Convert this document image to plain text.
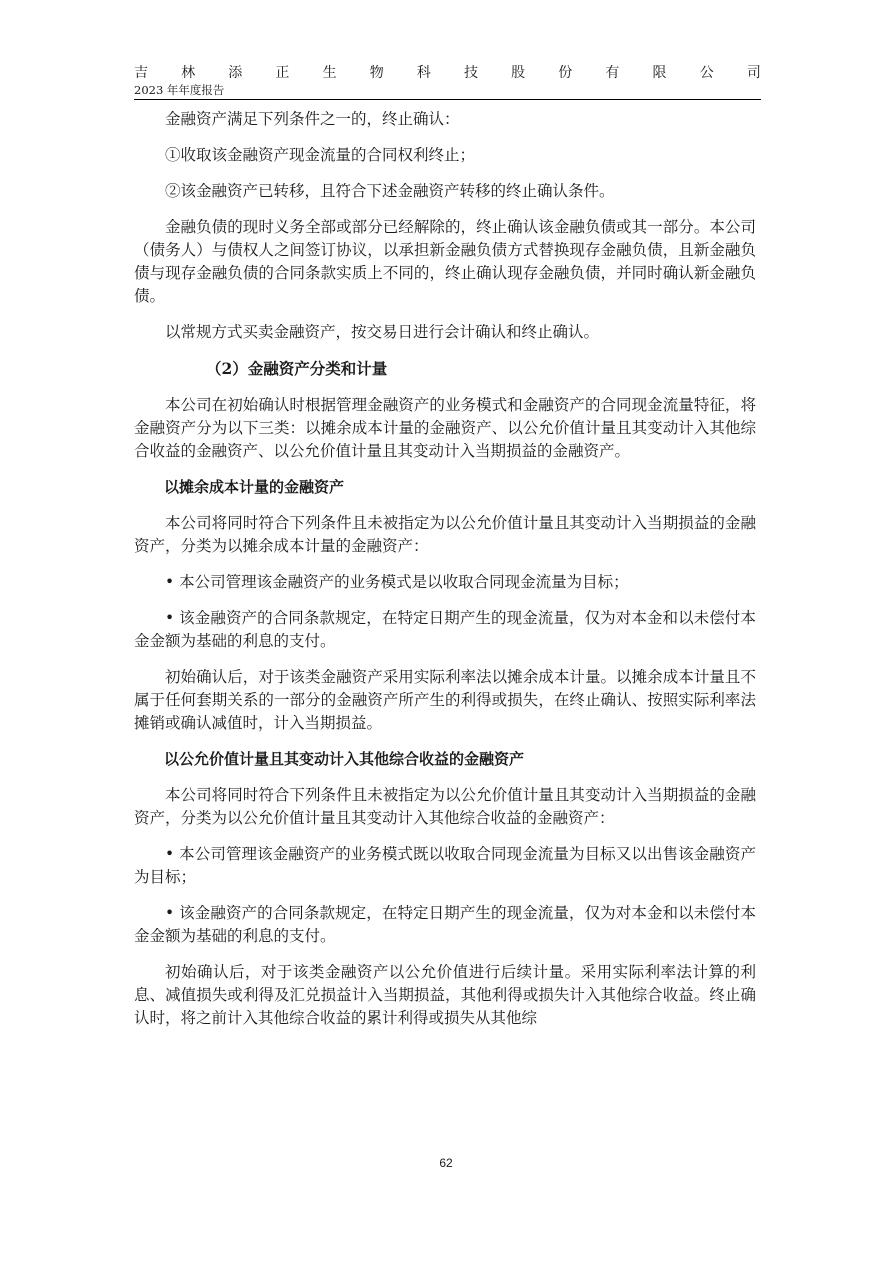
吉 林 添 正 生 物 科 技 股 份 有 限 公 司
2023 年年度报告

金融资产满足下列条件之一的，终止确认：

①收取该金融资产现金流量的合同权利终止；

②该金融资产已转移，且符合下述金融资产转移的终止确认条件。

金融负债的现时义务全部或部分已经解除的，终止确认该金融负债或其一部分。本公司（债务人）与债权人之间签订协议，以承担新金融负债方式替换现存金融负债，且新金融负债与现存金融负债的合同条款实质上不同的，终止确认现存金融负债，并同时确认新金融负债。

以常规方式买卖金融资产，按交易日进行会计确认和终止确认。

（2）金融资产分类和计量

本公司在初始确认时根据管理金融资产的业务模式和金融资产的合同现金流量特征，将金融资产分为以下三类：以摊余成本计量的金融资产、以公允价值计量且其变动计入其他综合收益的金融资产、以公允价值计量且其变动计入当期损益的金融资产。

以摊余成本计量的金融资产

本公司将同时符合下列条件且未被指定为以公允价值计量且其变动计入当期损益的金融资产，分类为以摊余成本计量的金融资产：

• 本公司管理该金融资产的业务模式是以收取合同现金流量为目标；

• 该金融资产的合同条款规定，在特定日期产生的现金流量，仅为对本金和以未偿付本金金额为基础的利息的支付。

初始确认后，对于该类金融资产采用实际利率法以摊余成本计量。以摊余成本计量且不属于任何套期关系的一部分的金融资产所产生的利得或损失，在终止确认、按照实际利率法摊销或确认减值时，计入当期损益。

以公允价值计量且其变动计入其他综合收益的金融资产

本公司将同时符合下列条件且未被指定为以公允价值计量且其变动计入当期损益的金融资产，分类为以公允价值计量且其变动计入其他综合收益的金融资产：

• 本公司管理该金融资产的业务模式既以收取合同现金流量为目标又以出售该金融资产为目标；

• 该金融资产的合同条款规定，在特定日期产生的现金流量，仅为对本金和以未偿付本金金额为基础的利息的支付。

初始确认后，对于该类金融资产以公允价值进行后续计量。采用实际利率法计算的利息、减值损失或利得及汇兑损益计入当期损益，其他利得或损失计入其他综合收益。终止确认时，将之前计入其他综合收益的累计利得或损失从其他综

62
